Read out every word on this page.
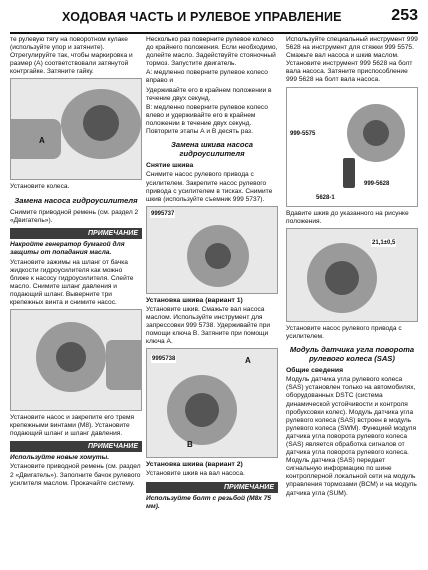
ХОДОВАЯ ЧАСТЬ И РУЛЕВОЕ УПРАВЛЕНИЕ	253

те рулевую тягу на поворотном кулаке (используйте упор и затяните). Отрегулируйте так, чтобы маркировка и размер (A) соответствовали затянутой контргайке. Затяните гайку.

A

Установите колеса.

Замена насоса гидроусилителя

Снимите приводной ремень (см. раздел 2 «Двигатель»).

ПРИМЕЧАНИЕ

Накройте генератор бумагой для защиты от попадания масла.

Установите зажимы на шланг от бачка жидкости гидроусилителя как можно ближе к насосу гидроусилителя. Слейте масло. Снимите шланг давления и подающий шланг. Выверните три крепежных винта и снимите насос.

Установите насос и закрепите его тремя крепежными винтами (M8). Установите подающий шланг и шланг давления.

ПРИМЕЧАНИЕ

Используйте новые хомуты.

Установите приводной ремень (см. раздел 2 «Двигатель»). Заполните бачок рулевого усилителя маслом. Прокачайте систему.

Несколько раз поверните рулевое колесо до крайнего положения. Если необходимо, долейте масло. Задействуйте стояночный тормоз. Запустите двигатель.

А: медленно поверните рулевое колесо вправо и

Удерживайте его в крайнем положении в течение двух секунд.

В: медленно поверните рулевое колесо влево и удерживайте его в крайнем положении в течение двух секунд. Повторите этапы А и В десять раз.

Замена шкива насоса гидроусилителя
Снятие шкива

Снимите насос рулевого привода с усилителем. Закрепите насос рулевого привода с усилителем в тисках. Снимите шкив (используйте съемник 999 5737).

9995737
Установка шкива (вариант 1)

Установите шкив. Смажьте вал насоса маслом. Используйте инструмент для запрессовки 999 5738. Удерживайте при помощи ключа B. Затяните при помощи ключа A.

9995738	A
B
Установка шкива (вариант 2)

Установите шкив на вал насоса.

ПРИМЕЧАНИЕ

Используйте болт с резьбой (M8x 75 мм).

Используйте специальный инструмент 999 5628 на инструмент для стяжки 999 5575. Смажьте вал насоса и шкив маслом. Установите инструмент 999 5628 на болт вала насоса. Затяните приспособление 999 5628 на болт вала насоса.

999-5575
999-5628
5628-1

Вдавите шкив до указанного на рисунке положения.

21,1±0,5

Установите насос рулевого привода с усилителем.

Модуль датчика угла поворота рулевого колеса (SAS)
Общие сведения

Модуль датчика угла рулевого колеса (SAS) установлен только на автомобилях, оборудованных DSTC (система динамической устойчивости и контроля пробуксовки колес). Модуль датчика угла рулевого колеса (SAS) встроен в модуль рулевого колеса (SWM). Функцией модуля датчика угла поворота рулевого колеса (SAS) является обработка сигналов от датчика угла поворота рулевого колеса. Модуль датчика (SAS) передает сигнальную информацию по шине контроллерной локальной сети на модуль управления тормозами (BCM) и на модуль датчика угла (SUM).
